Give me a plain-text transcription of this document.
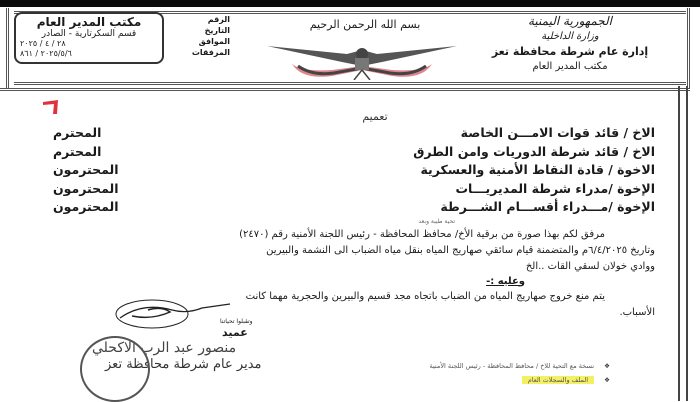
مكتب المدير العام
قسم السكرتارية - الصادر
٢٨ / ٤ / ٢٠٢٥
٢٠٢٥/٥/٦ / ٨٦١
الرقم
التاريخ
الموافق
المرفقات
بسم الله الرحمن الرحيم	الجمهورية اليمنية
وزارة الداخلية
إدارة عام شرطة محافظة تعز
مكتب المدير العام
تعميم
الاخ / قائد قوات الامـــن الخاصة
المحترم
الاخ / قائد شرطة الدوريات وامن الطرق
المحترم
الاخوة / قادة النقاط الأمنية والعسكرية
المحترمون
الإخوة /مدراء شرطة المديريـــات
المحترمون
الإخوة /مـــدراء أقســـام الشـــرطة
المحترمون
تحية طيبة وبعد
مرفق لكم بهذا صورة من برقية الأخ/ محافظ المحافظة - رئيس اللجنة الأمنية رقم (٢٤٧٠)
وتاريخ ٦/٤/٢٠٢٥م والمتضمنة قيام سائقي صهاريج المياه بنقل مياه الضباب الى النشمة والبيرين
ووادي خولان لسقي القات ..الخ
وعليه :-
يتم منع خروج صهاريج المياه من الضباب باتجاه مجد قسيم والبيرين والحجرية مهما كانت
الأسباب.
وتقبلوا تحياتنا
عميد
منصور عبد الرب الاكحلي
مدير عام شرطة محافظة تعز	❖ نسخة مع التحية للاخ / محافظ المحافظة - رئيس اللجنة الأمنية
❖ الملف والسجلات العام
